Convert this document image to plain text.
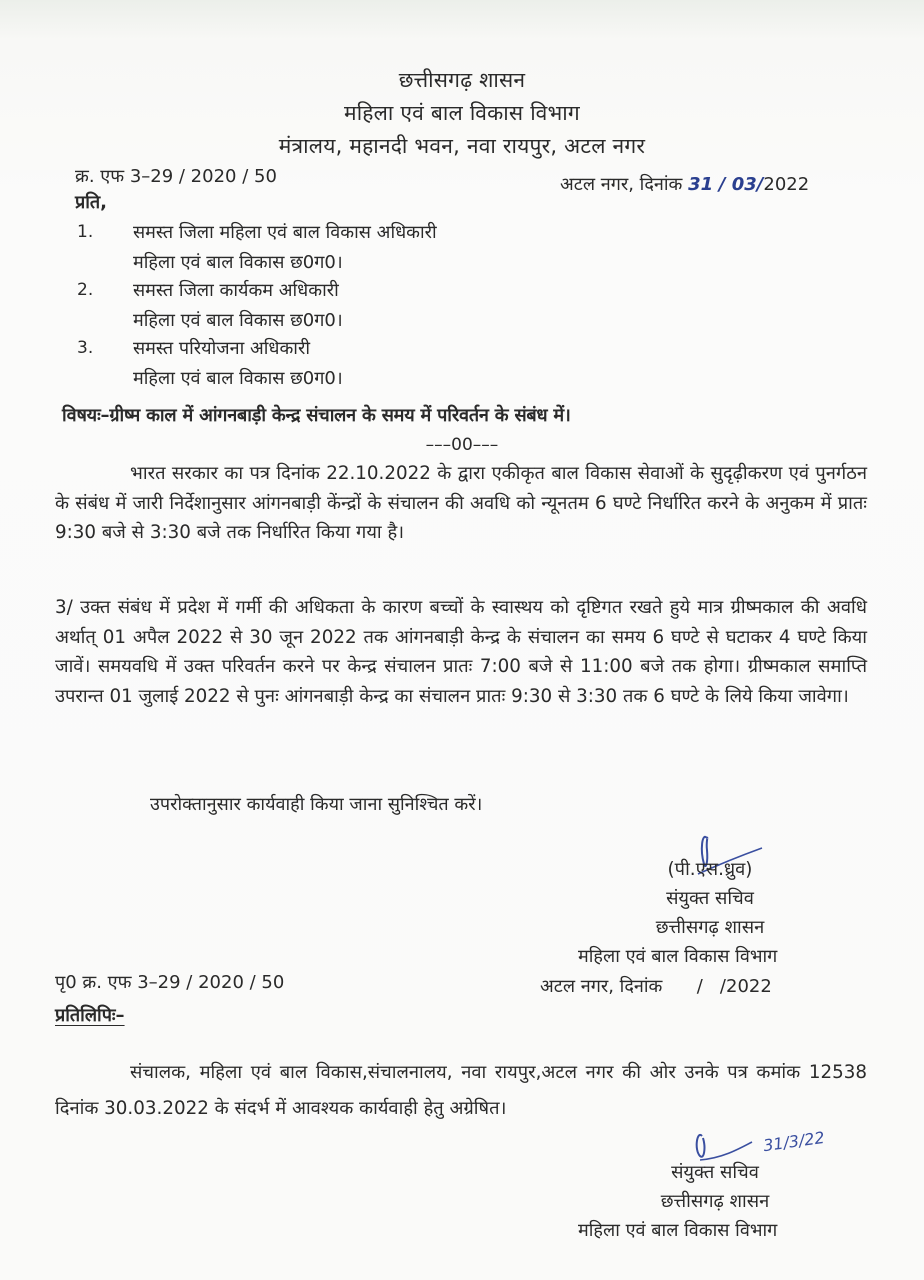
छत्तीसगढ़ शासन
महिला एवं बाल विकास विभाग
मंत्रालय, महानदी भवन, नवा रायपुर, अटल नगर
क्र. एफ 3–29 / 2020 / 50	अटल नगर, दिनांक 31 / 03/2022
प्रति,
1. समस्त जिला महिला एवं बाल विकास अधिकारी
महिला एवं बाल विकास छ0ग0।
2. समस्त जिला कार्यकम अधिकारी
महिला एवं बाल विकास छ0ग0।
3. समस्त परियोजना अधिकारी
महिला एवं बाल विकास छ0ग0।
विषयः–ग्रीष्म काल में आंगनबाड़ी केन्द्र संचालन के समय में परिवर्तन के संबंध में।
–––00–––
भारत सरकार का पत्र दिनांक 22.10.2022 के द्वारा एकीकृत बाल विकास सेवाओं के सुदृढ़ीकरण एवं पुनर्गठन के संबंध में जारी निर्देशानुसार आंगनबाड़ी केंन्द्रों के संचालन की अवधि को न्यूनतम 6 घण्टे निर्धारित करने के अनुकम में प्रातः 9:30 बजे से 3:30 बजे तक निर्धारित किया गया है।
3/ उक्त संबंध में प्रदेश में गर्मी की अधिकता के कारण बच्चों के स्वास्थय को दृष्टिगत रखते हुये मात्र ग्रीष्मकाल की अवधि अर्थात् 01 अपैल 2022 से 30 जून 2022 तक आंगनबाड़ी केन्द्र के संचालन का समय 6 घण्टे से घटाकर 4 घण्टे किया जावें। समयवधि में उक्त परिवर्तन करने पर केन्द्र संचालन प्रातः 7:00 बजे से 11:00 बजे तक होगा। ग्रीष्मकाल समाप्ति उपरान्त 01 जुलाई 2022 से पुनः आंगनबाड़ी केन्द्र का संचालन प्रातः 9:30 से 3:30 तक 6 घण्टे के लिये किया जावेगा।
उपरोक्तानुसार कार्यवाही किया जाना सुनिश्चित करें।
(पी.एस.ध्रुव)
संयुक्त सचिव
छत्तीसगढ़ शासन
महिला एवं बाल विकास विभाग
पृ0 क्र. एफ 3–29 / 2020 / 50	अटल नगर, दिनांक      /   /2022
प्रतिलिपिः–
संचालक, महिला एवं बाल विकास,संचालनालय, नवा रायपुर,अटल नगर की ओर उनके पत्र कमांक 12538 दिनांक 30.03.2022 के संदर्भ में आवश्यक कार्यवाही हेतु अग्रेषित।
31/3/22
संयुक्त सचिव
छत्तीसगढ़ शासन
महिला एवं बाल विकास विभाग
